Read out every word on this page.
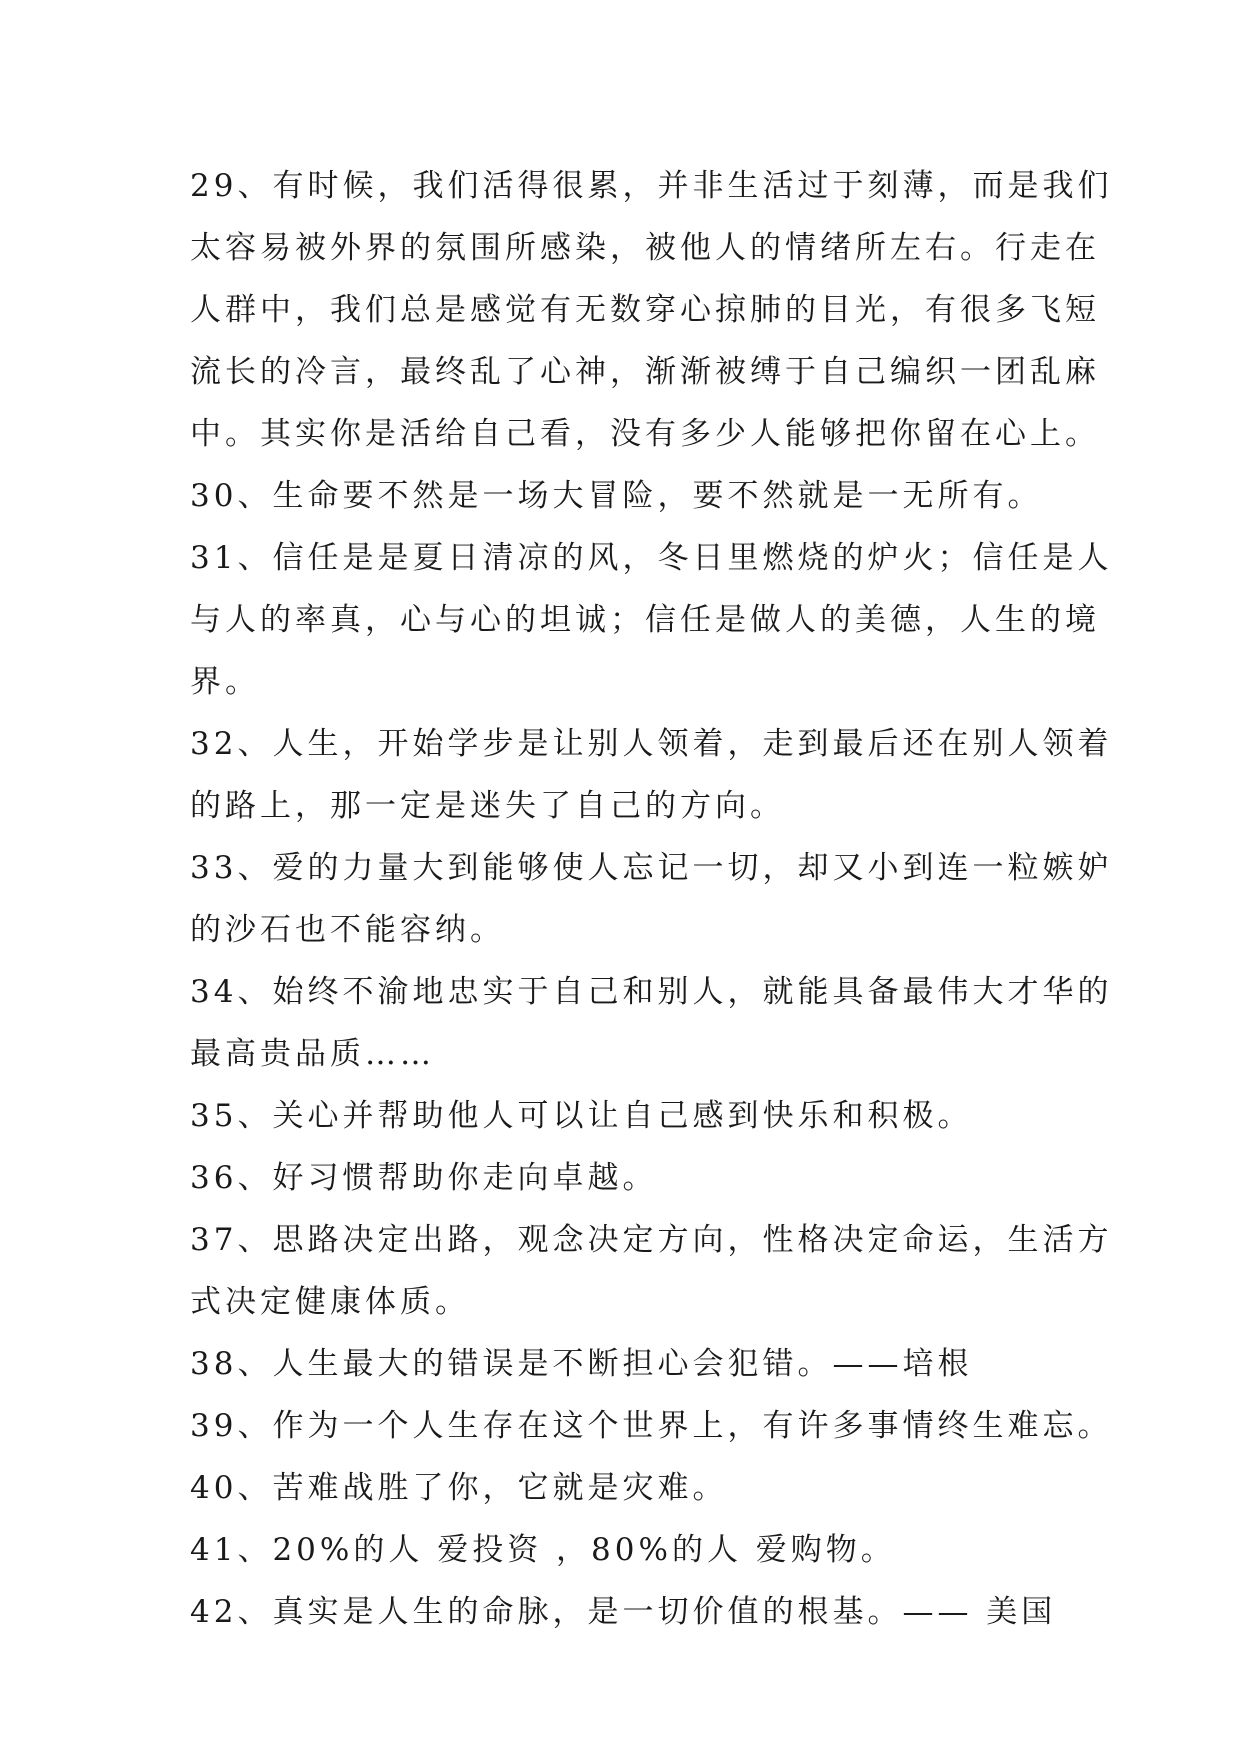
29、有时候，我们活得很累，并非生活过于刻薄，而是我们
太容易被外界的氛围所感染，被他人的情绪所左右。行走在
人群中，我们总是感觉有无数穿心掠肺的目光，有很多飞短
流长的冷言，最终乱了心神，渐渐被缚于自己编织一团乱麻
中。其实你是活给自己看，没有多少人能够把你留在心上。
30、生命要不然是一场大冒险，要不然就是一无所有。
31、信任是是夏日清凉的风，冬日里燃烧的炉火；信任是人
与人的率真，心与心的坦诚；信任是做人的美德，人生的境
界。
32、人生，开始学步是让别人领着，走到最后还在别人领着
的路上，那一定是迷失了自己的方向。
33、爱的力量大到能够使人忘记一切，却又小到连一粒嫉妒
的沙石也不能容纳。
34、始终不渝地忠实于自己和别人，就能具备最伟大才华的
最高贵品质……
35、关心并帮助他人可以让自己感到快乐和积极。
36、好习惯帮助你走向卓越。
37、思路决定出路，观念决定方向，性格决定命运，生活方
式决定健康体质。
38、人生最大的错误是不断担心会犯错。——培根
39、作为一个人生存在这个世界上，有许多事情终生难忘。
40、苦难战胜了你，它就是灾难。
41、20%的人 爱投资 ，80%的人 爱购物。
42、真实是人生的命脉，是一切价值的根基。—— 美国
